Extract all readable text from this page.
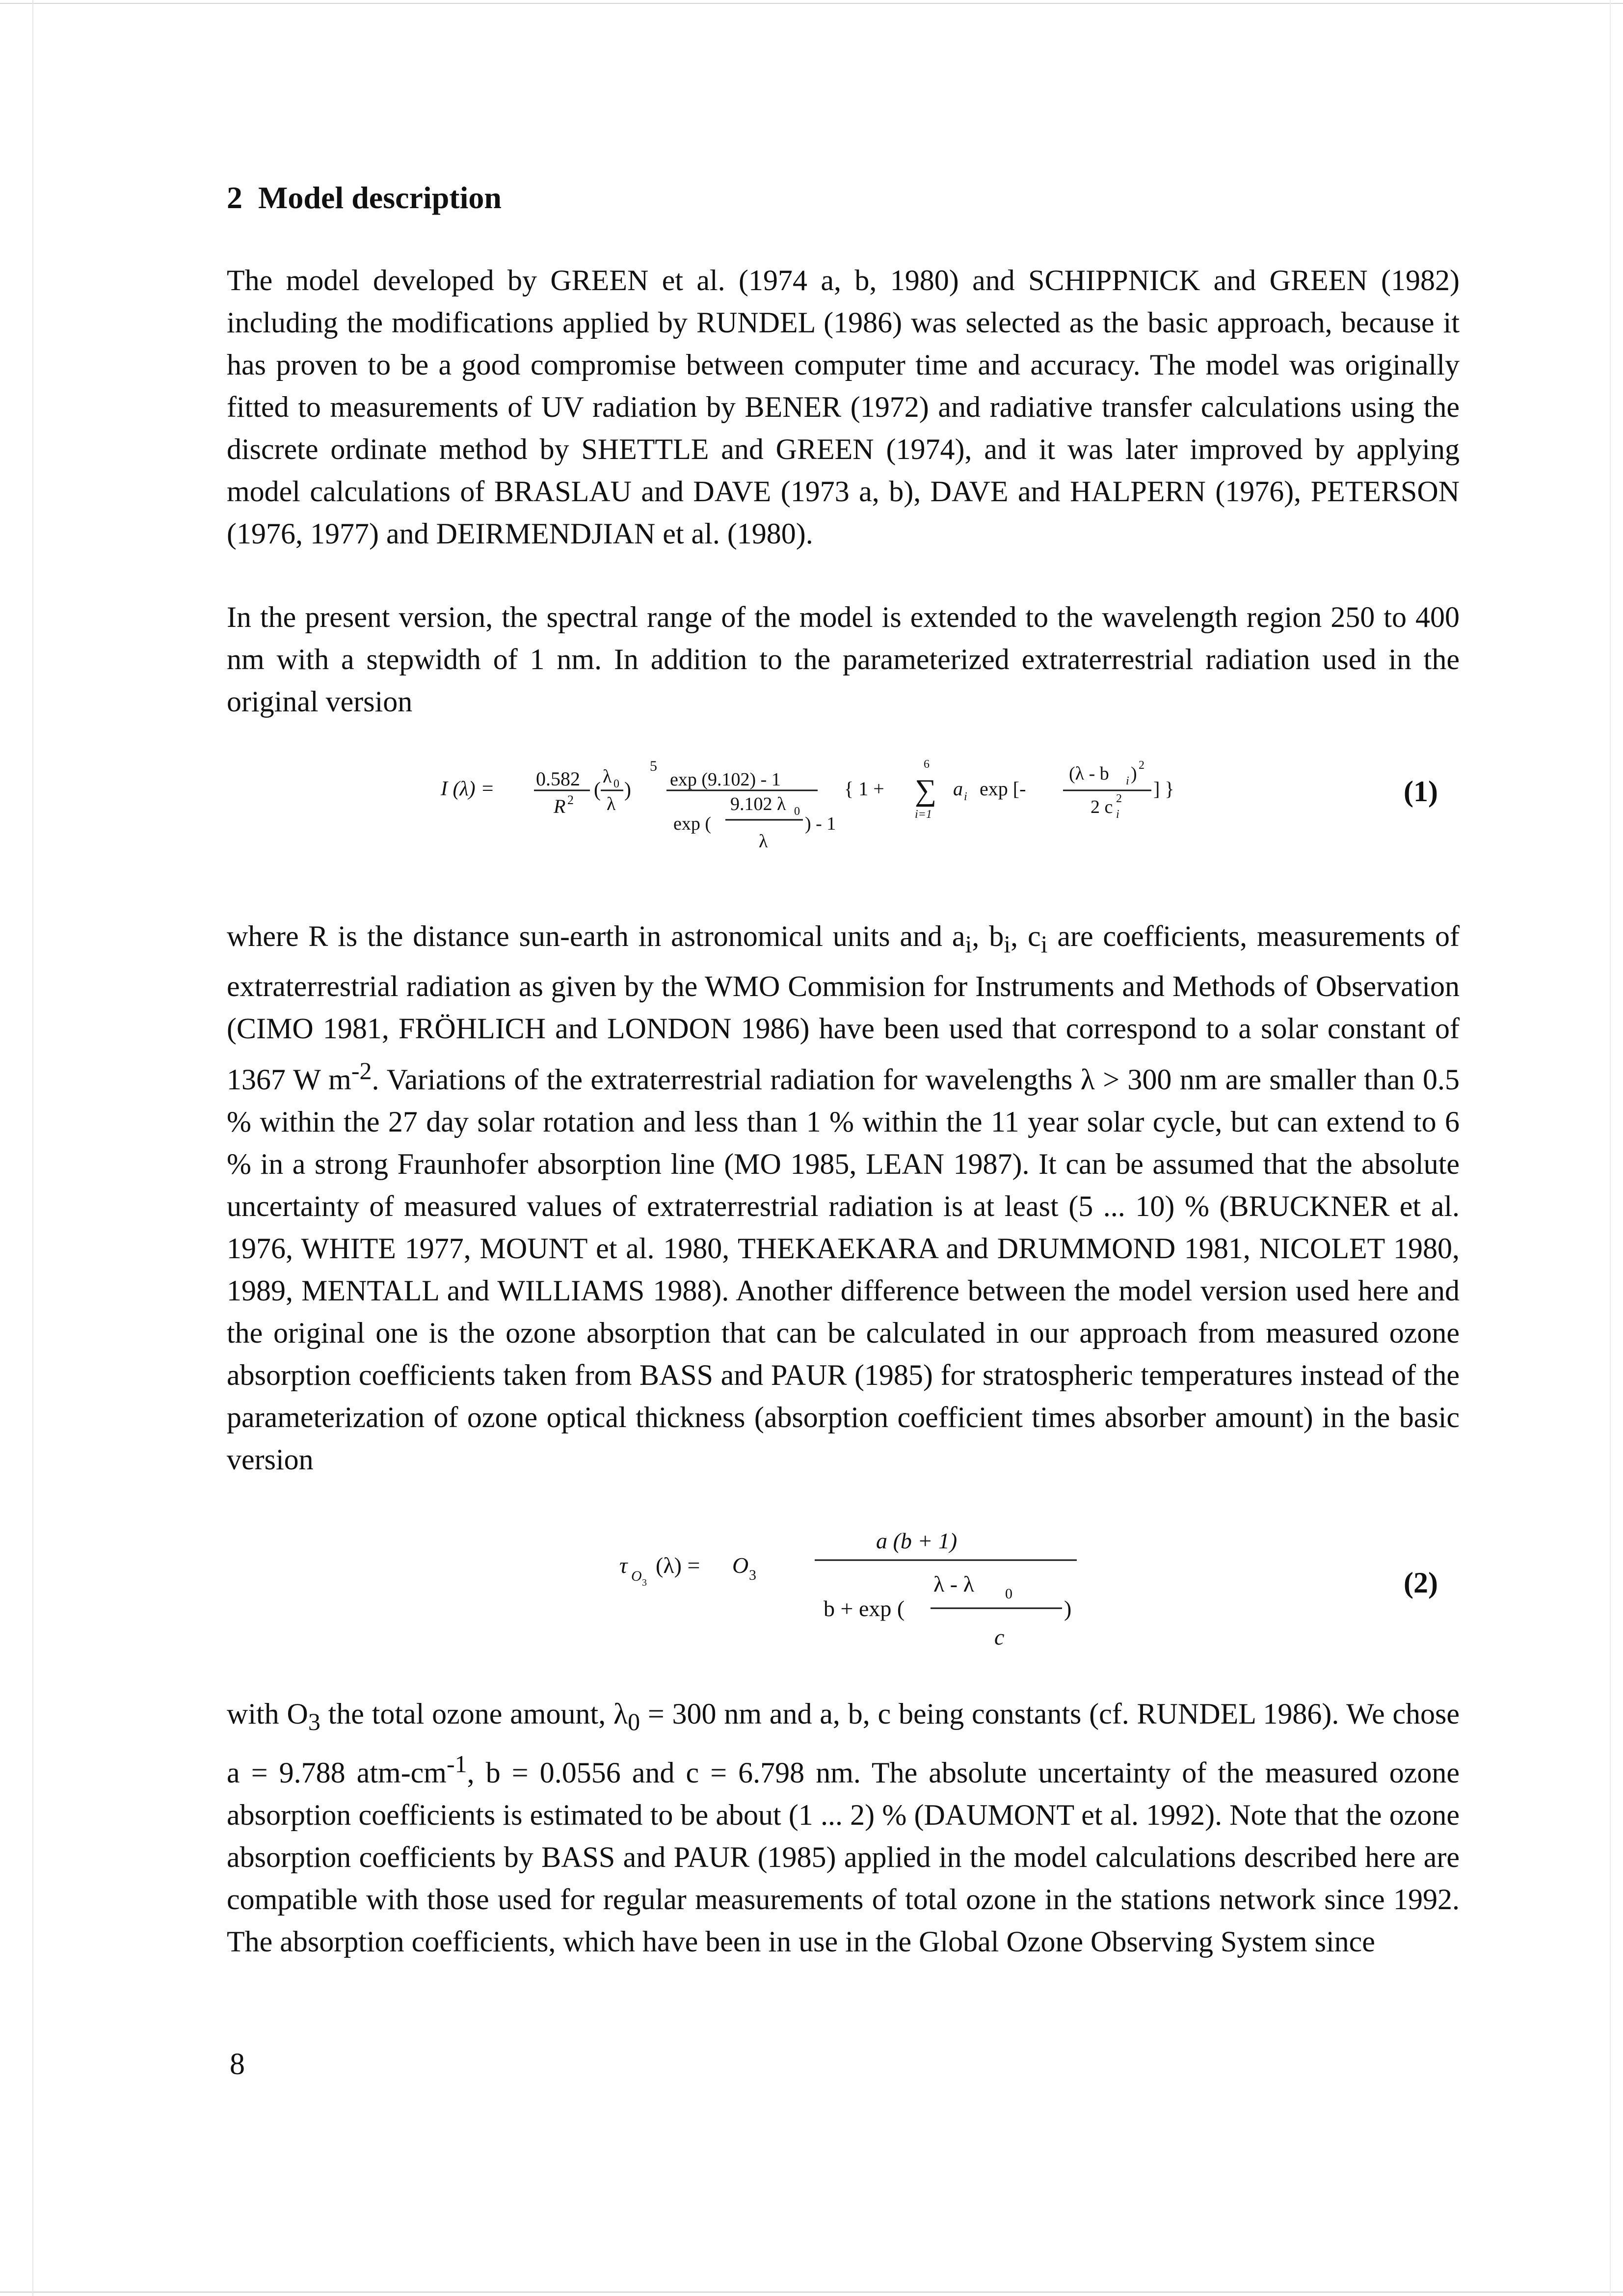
2 Model description

The model developed by GREEN et al. (1974 a, b, 1980) and SCHIPPNICK and GREEN (1982) including the modifications applied by RUNDEL (1986) was selected as the basic approach, because it has proven to be a good compromise between computer time and accuracy. The model was originally fitted to measurements of UV radiation by BENER (1972) and radiative transfer calculations using the discrete ordinate method by SHETTLE and GREEN (1974), and it was later improved by applying model calculations of BRASLAU and DAVE (1973 a, b), DAVE and HALPERN (1976), PETERSON (1976, 1977) and DEIRMENDJIAN et al. (1980).

In the present version, the spectral range of the model is extended to the wavelength region 250 to 400 nm with a stepwidth of 1 nm. In addition to the parameterized extraterrestrial radiation used in the original version

I (λ) = 0.582
R 2 (
λ 0
λ
)
5
exp (9.102) - 1
exp (
9.102 λ 0
λ
) - 1
{ 1 +
6
∑
i=1
a i exp [-
(λ - b i ) 2
2 c i
2 ] }	(1)

where R is the distance sun-earth in astronomical units and $a_i$, $b_i$, $c_i$ are coefficients, measurements of extraterrestrial radiation as given by the WMO Commision for Instruments and Methods of Observation (CIMO 1981, FRÖHLICH and LONDON 1986) have been used that correspond to a solar constant of 1367 W $m^{-2}$. Variations of the extraterrestrial radiation for wavelengths λ > 300 nm are smaller than 0.5 % within the 27 day solar rotation and less than 1 % within the 11 year solar cycle, but can extend to 6 % in a strong Fraunhofer absorption line (MO 1985, LEAN 1987). It can be assumed that the absolute uncertainty of measured values of extraterrestrial radiation is at least (5 ... 10) % (BRUCKNER et al. 1976, WHITE 1977, MOUNT et al. 1980, THEKAEKARA and DRUMMOND 1981, NICOLET 1980, 1989, MENTALL and WILLIAMS 1988). Another difference between the model version used here and the original one is the ozone absorption that can be calculated in our approach from measured ozone absorption coefficients taken from BASS and PAUR (1985) for stratospheric temperatures instead of the parameterization of ozone optical thickness (absorption coefficient times absorber amount) in the basic version

τ O 3
(λ) = O 3
a (b + 1)
λ - λ 0
b + exp (	)
c
(2)

with $O_3$ the total ozone amount, $\lambda_0 = 300$ nm and a, b, c being constants (cf. RUNDEL 1986). We chose a = 9.788 atm-$cm^{-1}$, b = 0.0556 and c = 6.798 nm. The absolute uncertainty of the measured ozone absorption coefficients is estimated to be about (1 ... 2) % (DAUMONT et al. 1992). Note that the ozone absorption coefficients by BASS and PAUR (1985) applied in the model calculations described here are compatible with those used for regular measurements of total ozone in the stations network since 1992. The absorption coefficients, which have been in use in the Global Ozone Observing System since

8
